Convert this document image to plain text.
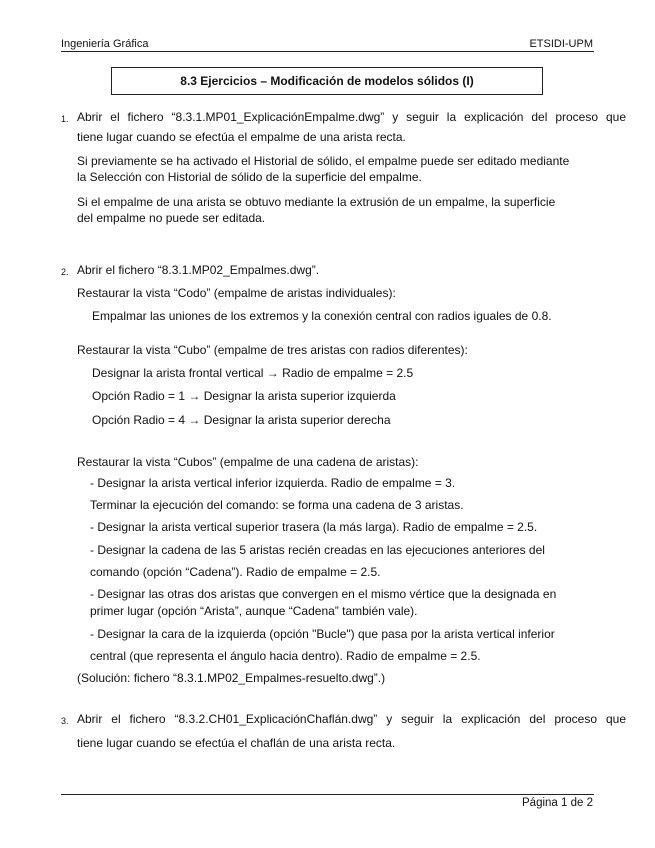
Ingeniería Gráfica	ETSIDI-UPM
8.3 Ejercicios – Modificación de modelos sólidos (I)
1. Abrir el fichero “8.3.1.MP01_ExplicaciónEmpalme.dwg” y seguir la explicación del proceso que
tiene lugar cuando se efectúa el empalme de una arista recta.
Si previamente se ha activado el Historial de sólido, el empalme puede ser editado mediante
la Selección con Historial de sólido de la superficie del empalme.
Si el empalme de una arista se obtuvo mediante la extrusión de un empalme, la superficie
del empalme no puede ser editada.
2. Abrir el fichero “8.3.1.MP02_Empalmes.dwg”.
Restaurar la vista “Codo” (empalme de aristas individuales):
Empalmar las uniones de los extremos y la conexión central con radios iguales de 0.8.
Restaurar la vista “Cubo” (empalme de tres aristas con radios diferentes):
Designar la arista frontal vertical → Radio de empalme = 2.5
Opción Radio = 1 → Designar la arista superior izquierda
Opción Radio = 4 → Designar la arista superior derecha
Restaurar la vista “Cubos” (empalme de una cadena de aristas):
- Designar la arista vertical inferior izquierda. Radio de empalme = 3.
Terminar la ejecución del comando: se forma una cadena de 3 aristas.
- Designar la arista vertical superior trasera (la más larga). Radio de empalme = 2.5.
- Designar la cadena de las 5 aristas recién creadas en las ejecuciones anteriores del
comando (opción “Cadena”). Radio de empalme = 2.5.
- Designar las otras dos aristas que convergen en el mismo vértice que la designada en
primer lugar (opción “Arista”, aunque “Cadena” también vale).
- Designar la cara de la izquierda (opción "Bucle") que pasa por la arista vertical inferior
central (que representa el ángulo hacia dentro). Radio de empalme = 2.5.
(Solución: fichero “8.3.1.MP02_Empalmes-resuelto.dwg”.)
3. Abrir el fichero “8.3.2.CH01_ExplicaciónChaflán.dwg” y seguir la explicación del proceso que
tiene lugar cuando se efectúa el chaflán de una arista recta.
Página 1 de 2
